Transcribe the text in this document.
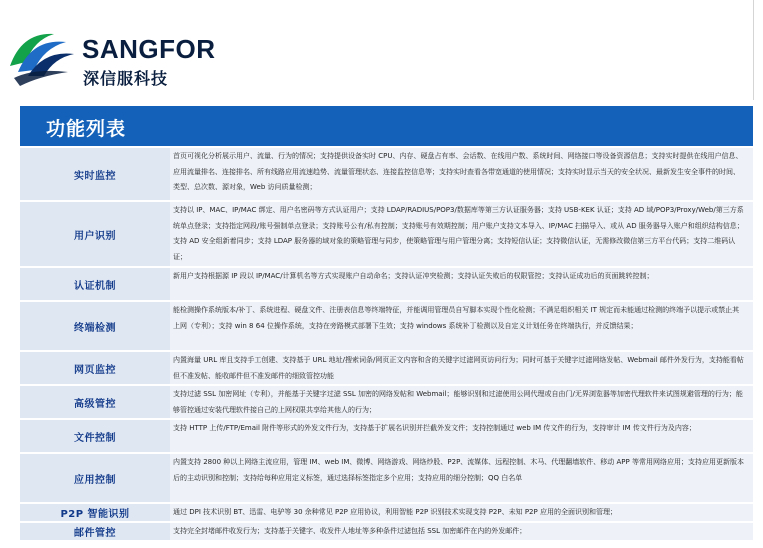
SANGFOR
深信服科技
功能列表
实时监控
首页可视化分析展示用户、流量、行为的情况；支持提供设备实时 CPU、内存、硬盘占有率、会话数、在线用户数、系统时间、网络接口等设备资源信息；支持实时提供在线用户信息、应用流量排名、连接排名、所有线路应用流速趋势、流量管理状态、连接监控信息等；支持实时查看各带宽通道的使用情况；支持实时显示当天的安全状况、最新发生安全事件的时间、类型、总次数、源对象，Web 访问质量检测；
用户识别
支持以 IP、MAC、IP/MAC 绑定、用户名密码等方式认证用户；支持 LDAP/RADIUS/POP3/数据库等第三方认证服务器；支持 USB-KEK 认证；支持 AD 域/POP3/Proxy/Web/第三方系统单点登录；支持指定网段/账号强制单点登录；支持账号公有/私有控制；支持账号有效期控制；用户账户支持文本导入、IP/MAC 扫描导入、或从 AD 服务器导入账户和组织结构信息；支持 AD 安全组新着同步；支持 LDAP 服务器的域对象的策略管理与同步，使策略管理与用户管理分离；支持短信认证；支持微信认证，无需修改微信第三方平台代码；支持二维码认证；
认证机制
新用户支持根据源 IP 段以 IP/MAC/计算机名等方式实现账户自动命名；支持认证冲突检测；支持认证失败后的权限管控；支持认证成功后的页面跳转控制；
终端检测
能检测操作系统版本/补丁、系统进程、硬盘文件、注册表信息等终端特征，并能调用管理员自写脚本实现个性化检测；不满足组织相关 IT 规定而未能通过检测的终端予以提示或禁止其上网（专利）；支持 win 8 64 位操作系统，支持在旁路模式部署下生效；支持 windows 系统补丁检测以及自定义计划任务在终端执行，并反馈结果；
网页监控
内置海量 URL 库且支持手工创建、支持基于 URL 地址/搜索词条/网页正文内容和含的关键字过滤网页访问行为；同时可基于关键字过滤网络发帖、Webmail 邮件外发行为，支持能看帖但不准发帖、能收邮件但不准发邮件的细致管控功能
高级管控
支持过滤 SSL 加密网址（专利），并能基于关键字过滤 SSL 加密的网络发帖和 Webmail；能够识别和过滤使用公网代理或自由门/无界浏览器等加密代理软件来试图规避管理的行为；能够管控通过安装代理软件接自己的上网权限共享给其他人的行为；
文件控制
支持 HTTP 上传/FTP/Email 附件等形式的外发文件行为，支持基于扩展名识别并拦截外发文件；支持控制通过 web IM 传文件的行为，支持审计 IM 传文件行为及内容；
应用控制
内置支持 2800 种以上网络主流应用，管理 IM、web IM、微博、网络游戏、网络炒股、P2P、流媒体、远程控制、木马、代理翻墙软件、移动 APP 等常用网络应用；支持应用更新版本后的主动识别和控制；支持给每种应用定义标签，通过选择标签指定多个应用；支持应用的细分控制；QQ 白名单
P2P 智能识别	通过 DPI 技术识别 BT、迅雷、电驴等 30 余种常见 P2P 应用协议，利用智能 P2P 识别技术实现支持 P2P、未知 P2P 应用的全面识别和管理；
邮件管控	支持完全封堵邮件收发行为；支持基于关键字、收发件人地址等多种条件过滤包括 SSL 加密邮件在内的外发邮件；
